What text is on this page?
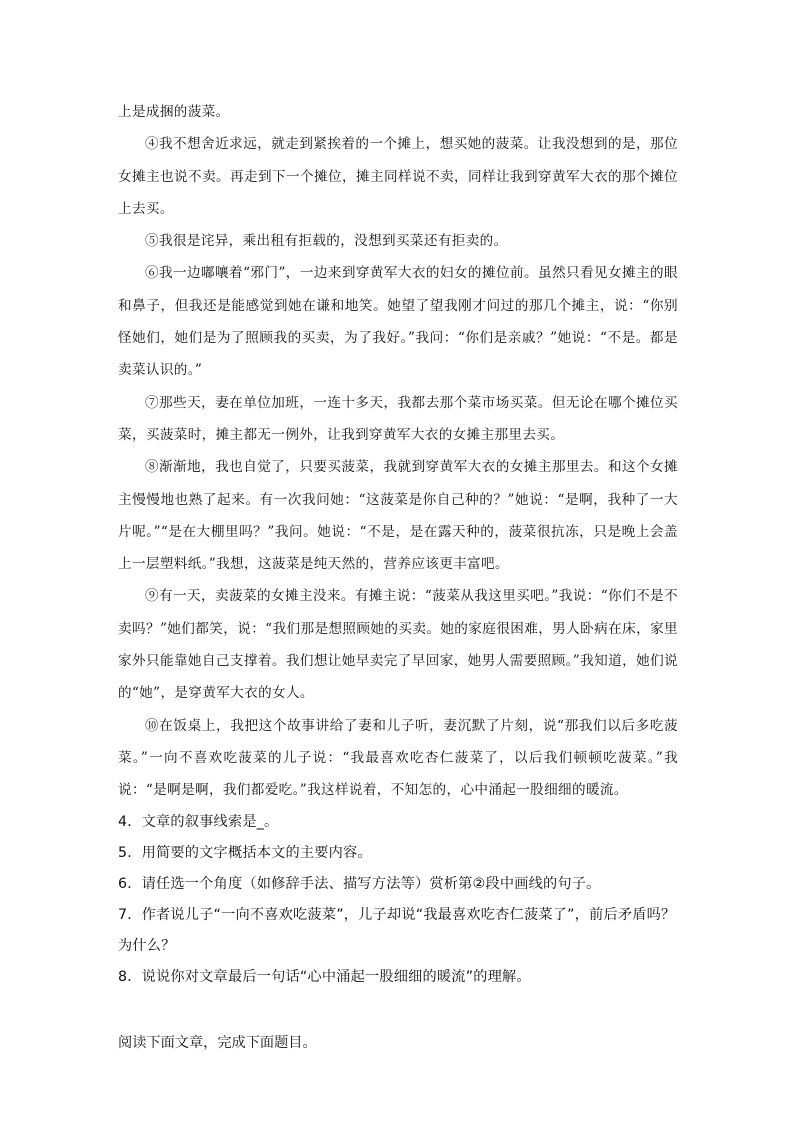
上是成捆的菠菜。

④我不想舍近求远，就走到紧挨着的一个摊上，想买她的菠菜。让我没想到的是，那位女摊主也说不卖。再走到下一个摊位，摊主同样说不卖，同样让我到穿黄军大衣的那个摊位上去买。

⑤我很是诧异，乘出租有拒载的，没想到买菜还有拒卖的。

⑥我一边嘟嚷着“邪门”，一边来到穿黄军大衣的妇女的摊位前。虽然只看见女摊主的眼和鼻子，但我还是能感觉到她在谦和地笑。她望了望我刚才问过的那几个摊主，说：“你别怪她们，她们是为了照顾我的买卖，为了我好。”我问：“你们是亲戚？”她说：“不是。都是卖菜认识的。”

⑦那些天，妻在单位加班，一连十多天，我都去那个菜市场买菜。但无论在哪个摊位买菜，买菠菜时，摊主都无一例外，让我到穿黄军大衣的女摊主那里去买。

⑧渐渐地，我也自觉了，只要买菠菜，我就到穿黄军大衣的女摊主那里去。和这个女摊主慢慢地也熟了起来。有一次我问她：“这菠菜是你自己种的？”她说：“是啊，我种了一大片呢。”“是在大棚里吗？”我问。她说：“不是，是在露天种的，菠菜很抗冻，只是晚上会盖上一层塑料纸。”我想，这菠菜是纯天然的，营养应该更丰富吧。

⑨有一天，卖菠菜的女摊主没来。有摊主说：“菠菜从我这里买吧。”我说：“你们不是不卖吗？”她们都笑，说：“我们那是想照顾她的买卖。她的家庭很困难，男人卧病在床，家里家外只能靠她自己支撑着。我们想让她早卖完了早回家，她男人需要照顾。”我知道，她们说的“她”，是穿黄军大衣的女人。

⑩在饭桌上，我把这个故事讲给了妻和儿子听，妻沉默了片刻，说“那我们以后多吃菠菜。”一向不喜欢吃菠菜的儿子说：“我最喜欢吃杏仁菠菜了，以后我们顿顿吃菠菜。”我说：“是啊是啊，我们都爱吃。”我这样说着，不知怎的，心中涌起一股细细的暖流。

4．文章的叙事线索是_。

5．用简要的文字概括本文的主要内容。

6．请任选一个角度（如修辞手法、描写方法等）赏析第②段中画线的句子。

7．作者说儿子“一向不喜欢吃菠菜”，儿子却说“我最喜欢吃杏仁菠菜了”，前后矛盾吗？为什么？

8．说说你对文章最后一句话“心中涌起一股细细的暖流”的理解。

阅读下面文章，完成下面题目。
